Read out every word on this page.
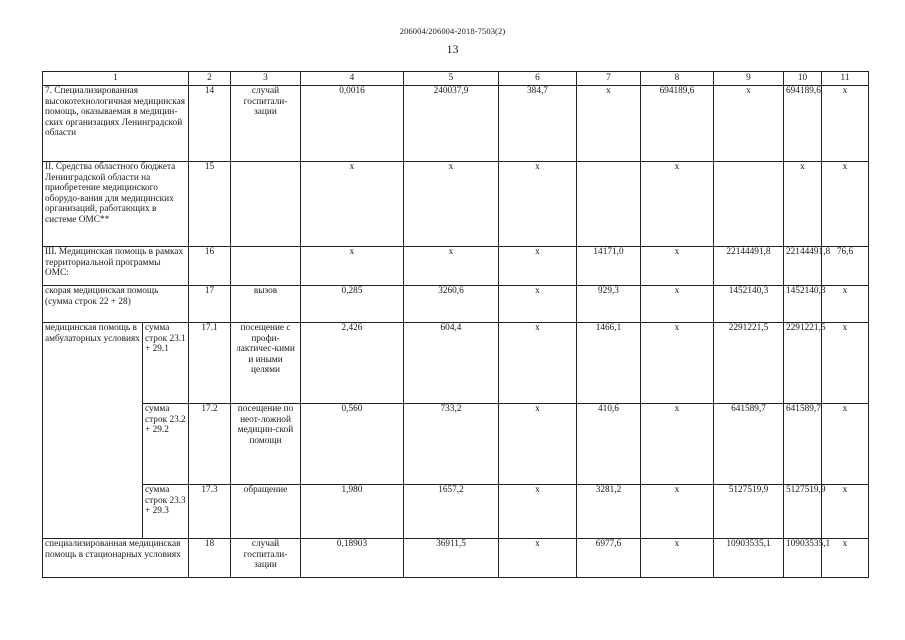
206004/206004-2018-7503(2)
13
1		2	3	4	5	6	7	8	9	10	11
7. Специализированная высокотехнологичная медицинская помощь, оказываемая в медицин-ских организациях Ленинградской области		14	случай госпитали-зации	0,0016	240037,9	384,7	х	694189,6	х	694189,6	х
II. Средства областного бюджета Ленинградской области на приобретение медицинского оборудо-вания для медицинских организаций, работающих в системе ОМС**		15		х	х	х		х		х	х
III. Медицинская помощь в рамках территориальной программы ОМС:		16		х	х	х	14171,0	х	22144491,8	22144491,8	76,6
скорая медицинская помощь (сумма строк 22 + 28)		17	вызов	0,285	3260,6	х	929,3	х	1452140,3	1452140,3	х
медицинская помощь в амбулаторных условиях	сумма строк 23.1 + 29.1	17.1	посещение с профи-лактичес-кими и иными целями	2,426	604,4	х	1466,1	х	2291221,5	2291221,5	х
	сумма строк 23.2 + 29.2	17.2	посещение по неот-ложной медицин-ской помощи	0,560	733,2	х	410,6	х	641589,7	641589,7	х
	сумма строк 23.3 + 29.3	17.3	обращение	1,980	1657,2	х	3281,2	х	5127519,9	5127519,9	х
специализированная медицинская помощь в стационарных условиях		18	случай госпитали-зации	0,18903	36911,5	х	6977,6	х	10903535,1	10903535,1	х
